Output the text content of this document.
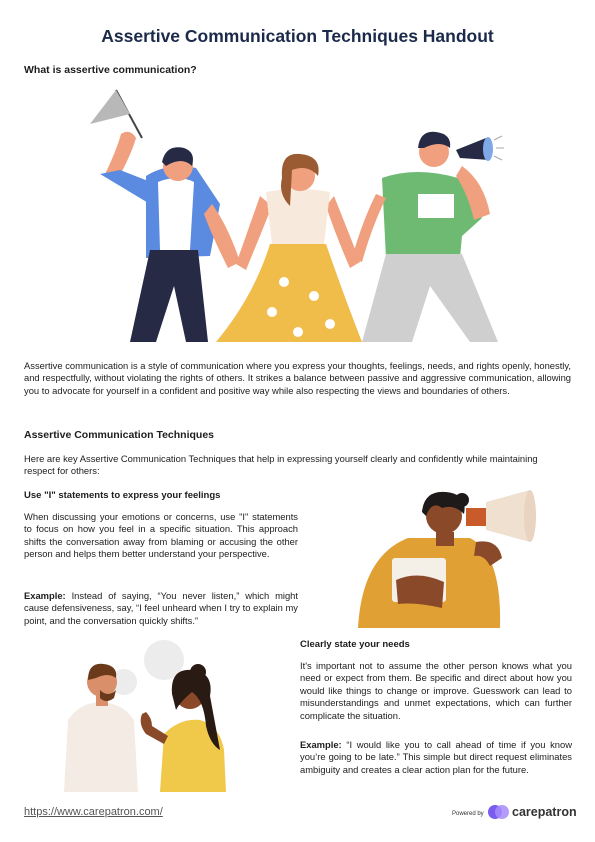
Assertive Communication Techniques Handout
What is assertive communication?

Assertive communication is a style of communication where you express your thoughts, feelings, needs, and rights openly, honestly, and respectfully, without violating the rights of others. It strikes a balance between passive and aggressive communication, allowing you to advocate for yourself in a confident and positive way while also respecting the views and boundaries of others.

Assertive Communication Techniques

Here are key Assertive Communication Techniques that help in expressing yourself clearly and confidently while maintaining respect for others:

Use "I" statements to express your feelings

When discussing your emotions or concerns, use "I" statements to focus on how you feel in a specific situation. This approach shifts the conversation away from blaming or accusing the other person and helps them better understand your perspective.

Example: Instead of saying, “You never listen,” which might cause defensiveness, say, “I feel unheard when I try to explain my point, and the conversation quickly shifts.”

Clearly state your needs

It's important not to assume the other person knows what you need or expect from them. Be specific and direct about how you would like things to change or improve. Guesswork can lead to misunderstandings and unmet expectations, which can further complicate the situation.

Example: “I would like you to call ahead of time if you know you’re going to be late.” This simple but direct request eliminates ambiguity and creates a clear action plan for the future.

https://www.carepatron.com/	Powered by carepatron
